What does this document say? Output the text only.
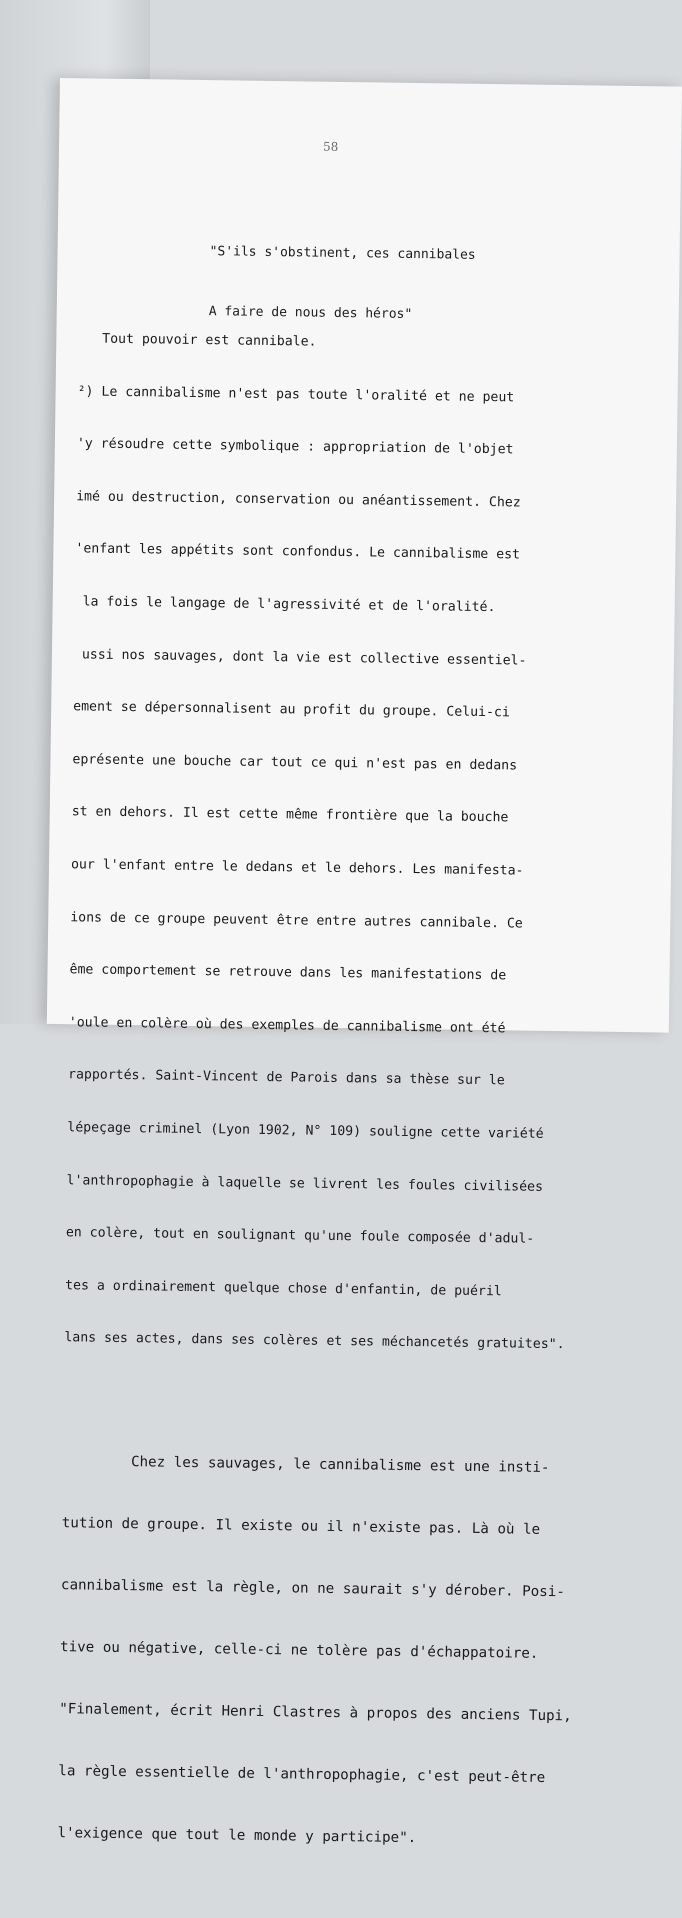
58

"S'ils s'obstinent, ces cannibales

A faire de nous des héros"

Tout pouvoir est cannibale.

²) Le cannibalisme n'est pas toute l'oralité et ne peut

'y résoudre cette symbolique : appropriation de l'objet

imé ou destruction, conservation ou anéantissement. Chez

'enfant les appétits sont confondus. Le cannibalisme est

la fois le langage de l'agressivité et de l'oralité.

ussi nos sauvages, dont la vie est collective essentiel-

ement se dépersonnalisent au profit du groupe. Celui-ci

eprésente une bouche car tout ce qui n'est pas en dedans

st en dehors. Il est cette même frontière que la bouche

our l'enfant entre le dedans et le dehors. Les manifesta-

ions de ce groupe peuvent être entre autres cannibale. Ce

ême comportement se retrouve dans les manifestations de

'oule en colère où des exemples de cannibalisme ont été

rapportés. Saint-Vincent de Parois dans sa thèse sur le

lépeçage criminel (Lyon 1902, N° 109) souligne cette variété

l'anthropophagie à laquelle se livrent les foules civilisées

en colère, tout en soulignant qu'une foule composée d'adul-

tes a ordinairement quelque chose d'enfantin, de puéril

lans ses actes, dans ses colères et ses méchancetés gratuites".

Chez les sauvages, le cannibalisme est une insti-

tution de groupe. Il existe ou il n'existe pas. Là où le

cannibalisme est la règle, on ne saurait s'y dérober. Posi-

tive ou négative, celle-ci ne tolère pas d'échappatoire.

"Finalement, écrit Henri Clastres à propos des anciens Tupi,

la règle essentielle de l'anthropophagie, c'est peut-être

l'exigence que tout le monde y participe".
